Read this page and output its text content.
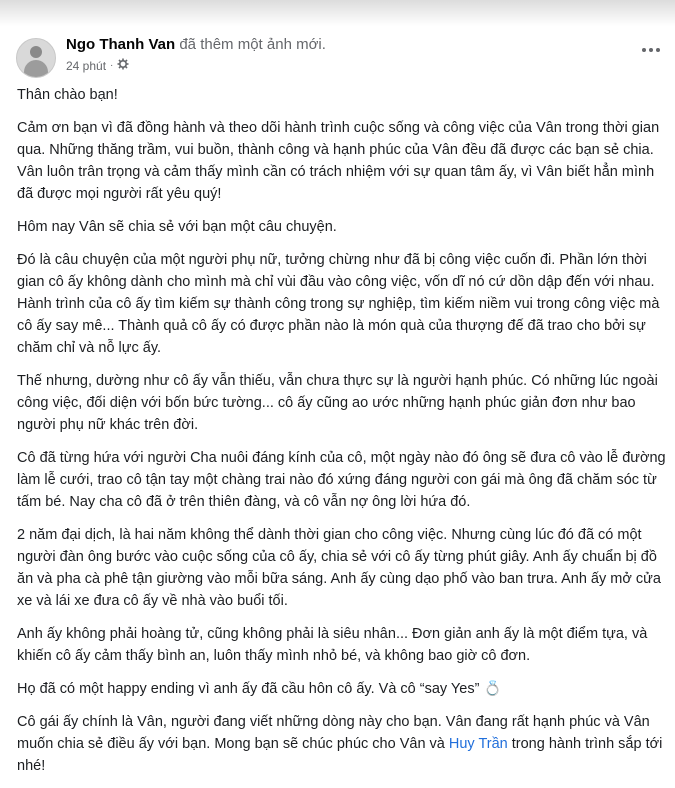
Ngo Thanh Van đã thêm một ảnh mới.
24 phút ·

Thân chào bạn!

Cảm ơn bạn vì đã đồng hành và theo dõi hành trình cuộc sống và công việc của Vân trong thời gian qua. Những thăng trầm, vui buồn, thành công và hạnh phúc của Vân đều đã được các bạn sẻ chia. Vân luôn trân trọng và cảm thấy mình cần có trách nhiệm với sự quan tâm ấy, vì Vân biết hẳn mình đã được mọi người rất yêu quý!

Hôm nay Vân sẽ chia sẻ với bạn một câu chuyện.

Đó là câu chuyện của một người phụ nữ, tưởng chừng như đã bị công việc cuốn đi. Phần lớn thời gian cô ấy không dành cho mình mà chỉ vùi đầu vào công việc, vốn dĩ nó cứ dồn dập đến với nhau. Hành trình của cô ấy tìm kiếm sự thành công trong sự nghiệp, tìm kiếm niềm vui trong công việc mà cô ấy say mê... Thành quả cô ấy có được phần nào là món quà của thượng đế đã trao cho bởi sự chăm chỉ và nỗ lực ấy.

Thế nhưng, dường như cô ấy vẫn thiếu, vẫn chưa thực sự là người hạnh phúc. Có những lúc ngoài công việc, đối diện với bốn bức tường... cô ấy cũng ao ước những hạnh phúc giản đơn như bao người phụ nữ khác trên đời.

Cô đã từng hứa với người Cha nuôi đáng kính của cô, một ngày nào đó ông sẽ đưa cô vào lễ đường làm lễ cưới, trao cô tận tay một chàng trai nào đó xứng đáng người con gái mà ông đã chăm sóc từ tấm bé. Nay cha cô đã ở trên thiên đàng, và cô vẫn nợ ông lời hứa đó.

2 năm đại dịch, là hai năm không thể dành thời gian cho công việc. Nhưng cùng lúc đó đã có một người đàn ông bước vào cuộc sống của cô ấy, chia sẻ với cô ấy từng phút giây. Anh ấy chuẩn bị đồ ăn và pha cà phê tận giường vào mỗi bữa sáng. Anh ấy cùng dạo phố vào ban trưa. Anh ấy mở cửa xe và lái xe đưa cô ấy về nhà vào buổi tối.

Anh ấy không phải hoàng tử, cũng không phải là siêu nhân... Đơn giản anh ấy là một điểm tựa, và khiến cô ấy cảm thấy bình an, luôn thấy mình nhỏ bé, và không bao giờ cô đơn.

Họ đã có một happy ending vì anh ấy đã cầu hôn cô ấy. Và cô “say Yes” 💍

Cô gái ấy chính là Vân, người đang viết những dòng này cho bạn. Vân đang rất hạnh phúc và Vân muốn chia sẻ điều ấy với bạn. Mong bạn sẽ chúc phúc cho Vân và Huy Trần trong hành trình sắp tới nhé!
